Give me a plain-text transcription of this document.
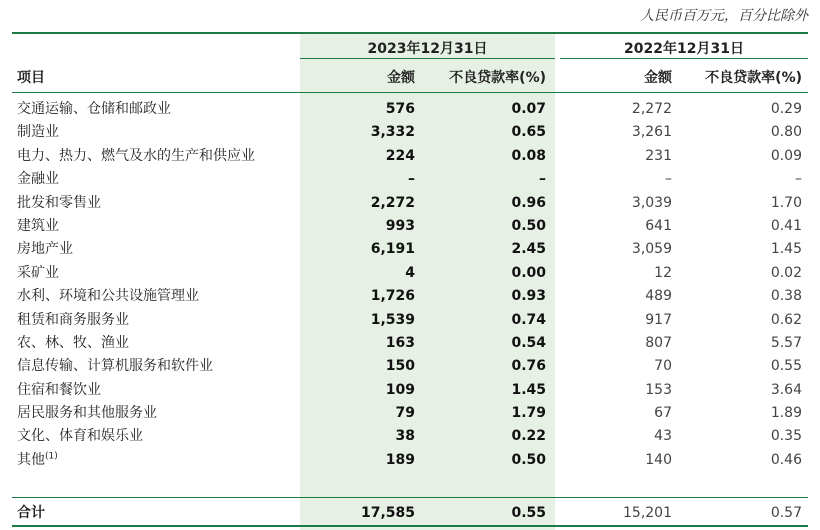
人民币百万元，百分比除外
2023年12月31日	2022年12月31日
项目	金额 不良贷款率(%)	金额 不良贷款率(%)
交通运输、仓储和邮政业	576	0.07	2,272	0.29
制造业	3,332	0.65	3,261	0.80
电力、热力、燃气及水的生产和供应业	224	0.08	231	0.09
金融业	–	–	–	–
批发和零售业	2,272	0.96	3,039	1.70
建筑业	993	0.50	641	0.41
房地产业	6,191	2.45	3,059	1.45
采矿业	4	0.00	12	0.02
水利、环境和公共设施管理业	1,726	0.93	489	0.38
租赁和商务服务业	1,539	0.74	917	0.62
农、林、牧、渔业	163	0.54	807	5.57
信息传输、计算机服务和软件业	150	0.76	70	0.55
住宿和餐饮业	109	1.45	153	3.64
居民服务和其他服务业	79	1.79	67	1.89
文化、体育和娱乐业	38	0.22	43	0.35
其他$^{(1)}$	189	0.50	140	0.46
合计	17,585	0.55	15,201	0.57
